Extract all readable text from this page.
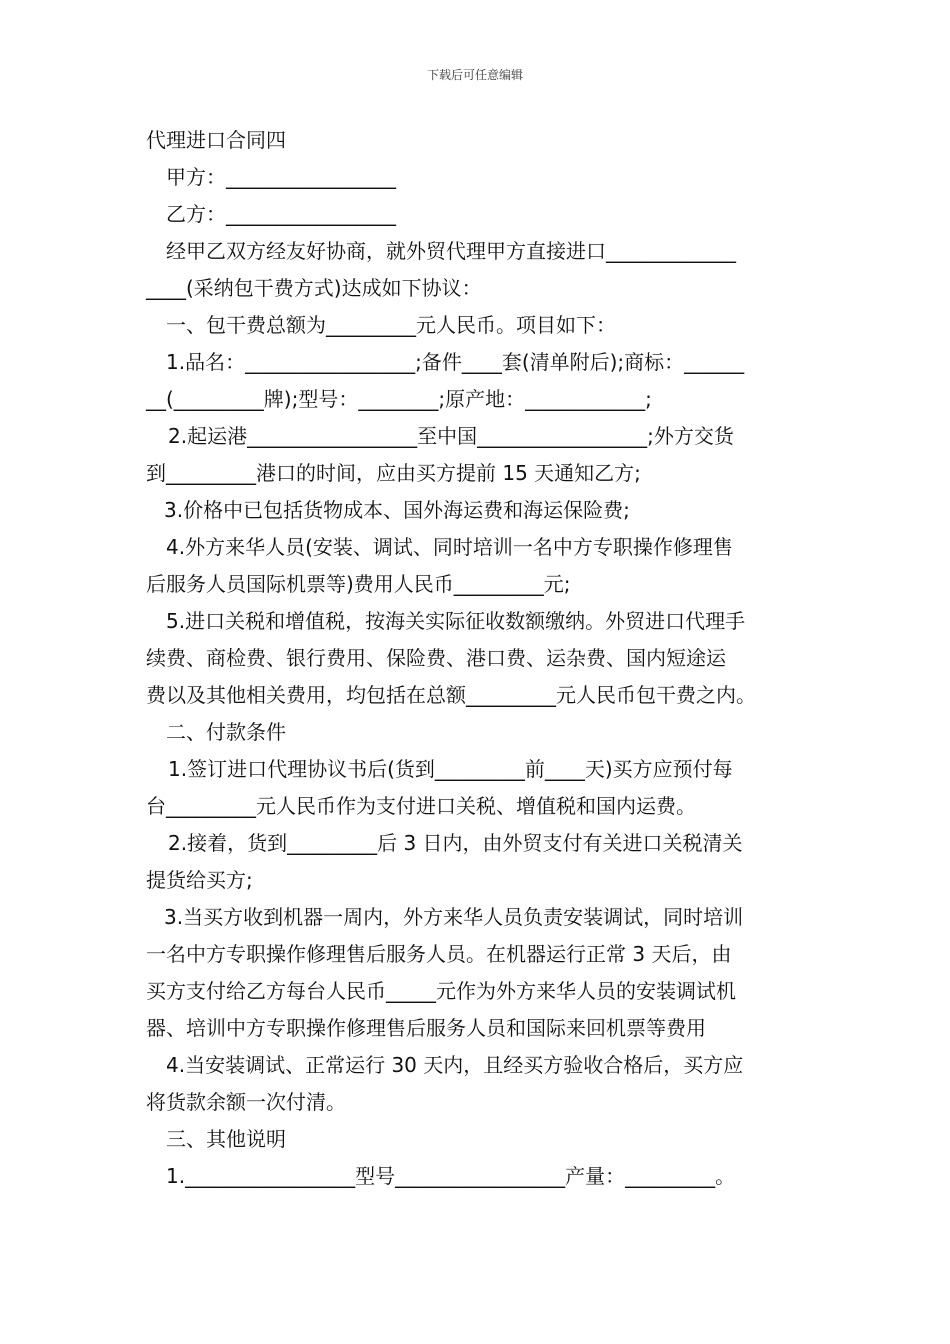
下载后可任意编辑
代理进口合同四
甲方：_________________
乙方：_________________
经甲乙双方经友好协商，就外贸代理甲方直接进口_____________
____(采纳包干费方式)达成如下协议：
一、包干费总额为_________元人民币。项目如下：
1.品名：_________________;备件____套(清单附后);商标：______
__(_________牌);型号：________;原产地：____________;
2.起运港_________________至中国_________________;外方交货
到_________港口的时间，应由买方提前 15 天通知乙方;
3.价格中已包括货物成本、国外海运费和海运保险费;
4.外方来华人员(安装、调试、同时培训一名中方专职操作修理售
后服务人员国际机票等)费用人民币_________元;
5.进口关税和增值税，按海关实际征收数额缴纳。外贸进口代理手
续费、商检费、银行费用、保险费、港口费、运杂费、国内短途运
费以及其他相关费用，均包括在总额_________元人民币包干费之内。
二、付款条件
1.签订进口代理协议书后(货到_________前____天)买方应预付每
台_________元人民币作为支付进口关税、增值税和国内运费。
2.接着，货到_________后 3 日内，由外贸支付有关进口关税清关
提货给买方;
3.当买方收到机器一周内，外方来华人员负责安装调试，同时培训
一名中方专职操作修理售后服务人员。在机器运行正常 3 天后，由
买方支付给乙方每台人民币_____元作为外方来华人员的安装调试机
器、培训中方专职操作修理售后服务人员和国际来回机票等费用
4.当安装调试、正常运行 30 天内，且经买方验收合格后，买方应
将货款余额一次付清。
三、其他说明
1._________________型号_________________产量：_________。
